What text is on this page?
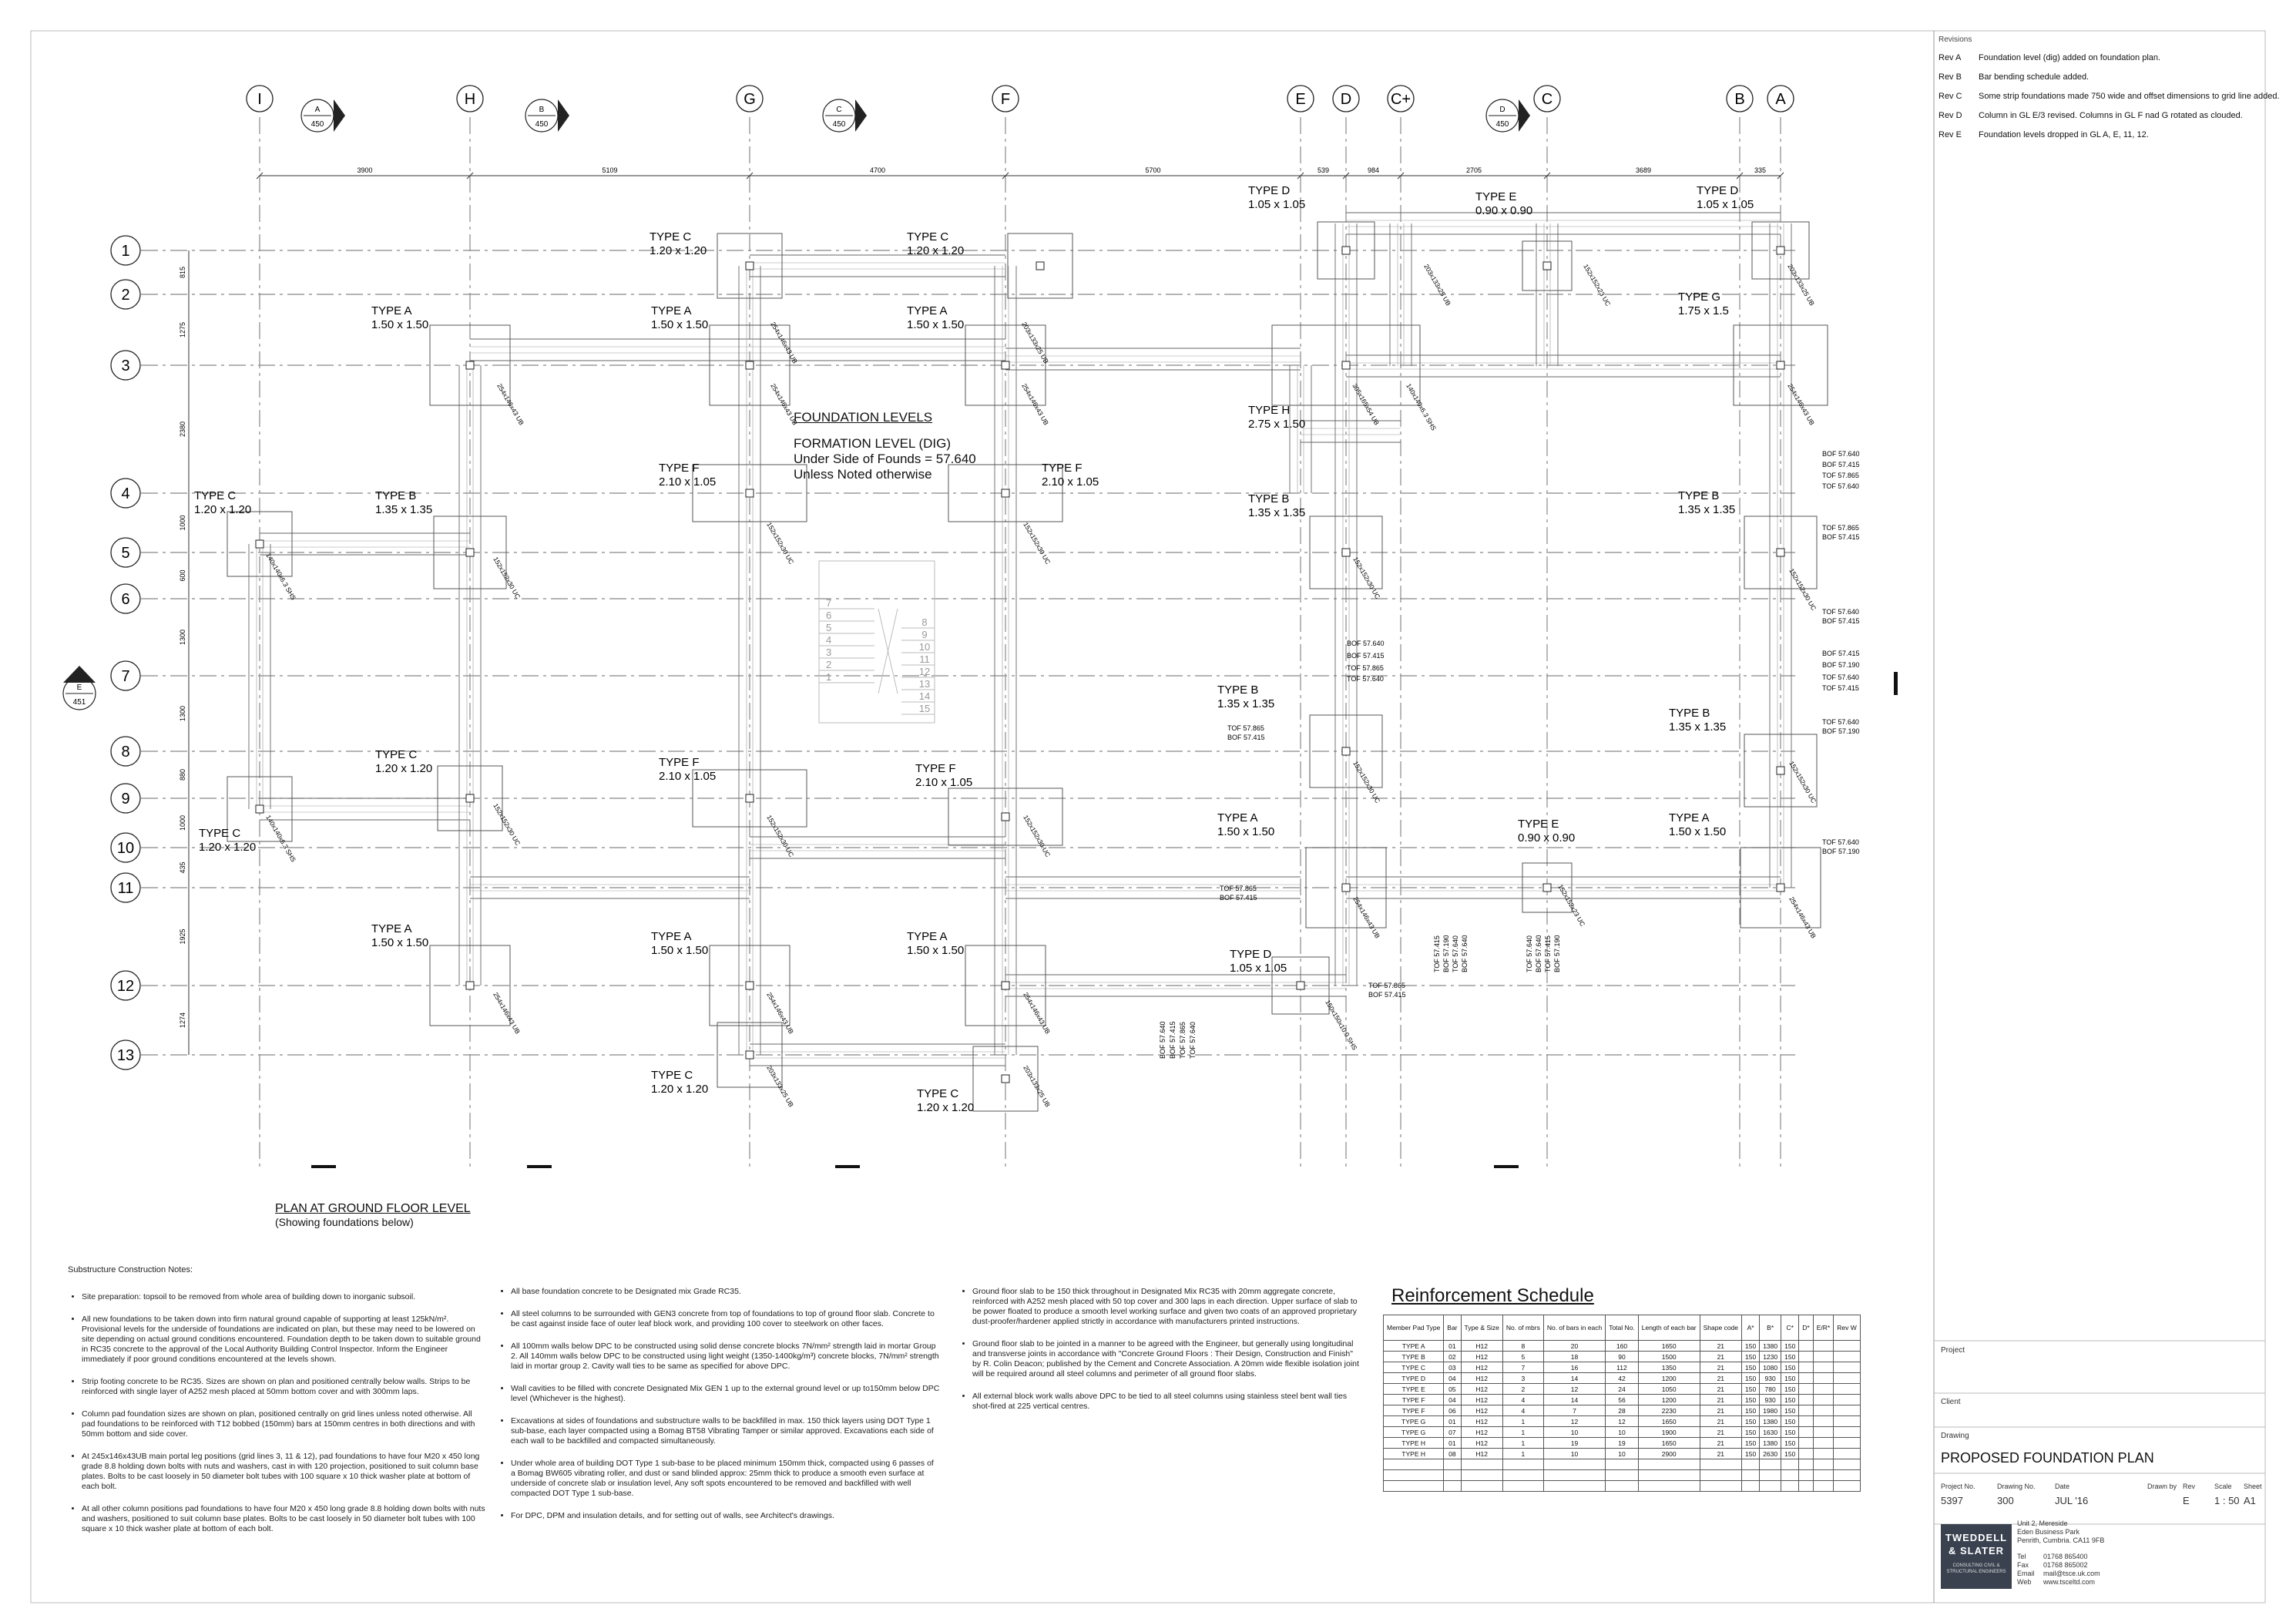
I	H	G	F	E D	C+	C	B A
1
2
3
4
5
6
7
8
9
10
11
12
13
3900	5109	4700	5700	539	984	2705	3689	335
815
1275
2380
1000
600
1300
1300
880
1000
435
1925
1274
A
450
B
450
C
450
D
450
E
451
7
6
5
4
3
2
1
8
9
10
11
12
13
14
15
TYPE C
1.20 x 1.20
TYPE C
1.20 x 1.20
TYPE A
1.50 x 1.50
TYPE A
1.50 x 1.50
TYPE A
1.50 x 1.50
TYPE D
1.05 x 1.05
TYPE E
0.90 x 0.90
TYPE D
1.05 x 1.05
TYPE G
1.75 x 1.5
TYPE H
2.75 x 1.50
TYPE F
2.10 x 1.05
TYPE F
2.10 x 1.05
TYPE C
1.20 x 1.20
TYPE B
1.35 x 1.35
TYPE B
1.35 x 1.35
TYPE B
1.35 x 1.35
TYPE B
1.35 x 1.35
TYPE B
1.35 x 1.35
TYPE C
1.20 x 1.20	TYPE F
2.10 x 1.05
TYPE F
2.10 x 1.05
TYPE C
1.20 x 1.20
TYPE A
1.50 x 1.50
TYPE E
0.90 x 0.90
TYPE A
1.50 x 1.50
TYPE A
1.50 x 1.50	TYPE A
1.50 x 1.50
TYPE A
1.50 x 1.50	TYPE D
1.05 x 1.05
TYPE C
1.20 x 1.20	TYPE C
1.20 x 1.20
254x146x43 UB	203x133x25 UB
254x146x43 UB	254x146x43 UB	254x146x43 UB	305x165x54 UB	140x140x6.3 SHS
203x133x25 UB
254x146x43 UB
152x152x30 UC	152x152x30 UC
152x152x30 UC	152x152x30 UC	152x152x30 UC
152x152x30 UC	152x152x30 UC
140x140x6.3 SHS
140x140x6.3 SHS	152x152x30 UC	152x152x30 UC	152x152x30 UC
254x146x43 UB	152x152x23 UC	254x146x43 UB
254x146x43 UB	254x146x43 UB	254x146x43 UB	150x150x10.0 SHS
203x133x25 UB	203x133x25 UB
203x133x25 UB	152x152x23 UC
BOF 57.640
BOF 57.415
TOF 57.865
TOF 57.640
TOF 57.865
BOF 57.415
TOF 57.640
BOF 57.415
BOF 57.415
BOF 57.190
TOF 57.640
TOF 57.415
TOF 57.640
BOF 57.190
TOF 57.640
BOF 57.190
BOF 57.640
BOF 57.415
TOF 57.865
TOF 57.640
TOF 57.865
BOF 57.415
TOF 57.865
BOF 57.415
TOF 57.865
BOF 57.415
BOF 57.640 BOF 57.415 TOF 57.865 TOF 57.640
TOF 57.415 BOF 57.190 TOF 57.640 BOF 57.640	TOF 57.640 BOF 57.640 TOF 57.415 BOF 57.190
FOUNDATION LEVELS
FORMATION LEVEL (DIG)
Under Side of Founds = 57.640
Unless Noted otherwise
PLAN AT GROUND FLOOR LEVEL
(Showing foundations below)
Substructure Construction Notes:
• Site preparation: topsoil to be removed from whole area of building down to inorganic subsoil.
• All new foundations to be taken down into firm natural ground capable of supporting at least 125kN/m². Provisional levels for the underside of foundations are indicated on plan, but these may need to be lowered on site depending on actual ground conditions encountered. Foundation depth to be taken down to suitable ground in RC35 concrete to the approval of the Local Authority Building Control Inspector. Inform the Engineer immediately if poor ground conditions encountered at the levels shown.
• Strip footing concrete to be RC35. Sizes are shown on plan and positioned centrally below walls. Strips to be reinforced with single layer of A252 mesh placed at 50mm bottom cover and with 300mm laps.
• Column pad foundation sizes are shown on plan, positioned centrally on grid lines unless noted otherwise. All pad foundations to be reinforced with T12 bobbed (150mm) bars at 150mm centres in both directions and with 50mm bottom and side cover.
• At 245x146x43UB main portal leg positions (grid lines 3, 11 & 12), pad foundations to have four M20 x 450 long grade 8.8 holding down bolts with nuts and washers, cast in with 120 projection, positioned to suit column base plates. Bolts to be cast loosely in 50 diameter bolt tubes with 100 square x 10 thick washer plate at bottom of each bolt.
• At all other column positions pad foundations to have four M20 x 450 long grade 8.8 holding down bolts with nuts and washers, positioned to suit column base plates. Bolts to be cast loosely in 50 diameter bolt tubes with 100 square x 10 thick washer plate at bottom of each bolt.
• All base foundation concrete to be Designated mix Grade RC35.
• All steel columns to be surrounded with GEN3 concrete from top of foundations to top of ground floor slab. Concrete to be cast against inside face of outer leaf block work, and providing 100 cover to steelwork on other faces.
• All 100mm walls below DPC to be constructed using solid dense concrete blocks 7N/mm² strength laid in mortar Group 2. All 140mm walls below DPC to be constructed using light weight (1350-1400kg/m³) concrete blocks, 7N/mm² strength laid in mortar group 2. Cavity wall ties to be same as specified for above DPC.
• Wall cavities to be filled with concrete Designated Mix GEN 1 up to the external ground level or up to150mm below DPC level (Whichever is the highest).
• Excavations at sides of foundations and substructure walls to be backfilled in max. 150 thick layers using DOT Type 1 sub-base, each layer compacted using a Bomag BT58 Vibrating Tamper or similar approved. Excavations each side of each wall to be backfilled and compacted simultaneously.
• Under whole area of building DOT Type 1 sub-base to be placed minimum 150mm thick, compacted using 6 passes of a Bomag BW605 vibrating roller, and dust or sand blinded approx: 25mm thick to produce a smooth even surface at underside of concrete slab or insulation level, Any soft spots encountered to be removed and backfilled with well compacted DOT Type 1 sub-base.
• For DPC, DPM and insulation details, and for setting out of walls, see Architect's drawings.
• Ground floor slab to be 150 thick throughout in Designated Mix RC35 with 20mm aggregate concrete, reinforced with A252 mesh placed with 50 top cover and 300 laps in each direction. Upper surface of slab to be power floated to produce a smooth level working surface and given two coats of an approved proprietary dust-proofer/hardener applied strictly in accordance with manufacturers printed instructions.
• Ground floor slab to be jointed in a manner to be agreed with the Engineer, but generally using longitudinal and transverse joints in accordance with "Concrete Ground Floors : Their Design, Construction and Finish" by R. Colin Deacon; published by the Cement and Concrete Association. A 20mm wide flexible isolation joint will be required around all steel columns and perimeter of all ground floor slabs.
• All external block work walls above DPC to be tied to all steel columns using stainless steel bent wall ties shot-fired at 225 vertical centres.
Reinforcement Schedule
Member Pad Type	Bar	Type & Size	No. of mbrs	No. of bars in each	Total No.	Length of each bar	Shape code	A*	B*	C*	D*	E/R*	Rev W
TYPE A	01	H12	8	20	160	1650	21	150	1380	150			
TYPE B	02	H12	5	18	90	1500	21	150	1230	150			
TYPE C	03	H12	7	16	112	1350	21	150	1080	150			
TYPE D	04	H12	3	14	42	1200	21	150	930	150			
TYPE E	05	H12	2	12	24	1050	21	150	780	150			
TYPE F	04	H12	4	14	56	1200	21	150	930	150			
TYPE F	06	H12	4	7	28	2230	21	150	1980	150			
TYPE G	01	H12	1	12	12	1650	21	150	1380	150			
TYPE G	07	H12	1	10	10	1900	21	150	1630	150			
TYPE H	01	H12	1	19	19	1650	21	150	1380	150			
TYPE H	08	H12	1	10	10	2900	21	150	2630	150			

Revisions
Rev A	Foundation level (dig) added on foundation plan.
Rev B	Bar bending schedule added.
Rev C	Some strip foundations made 750 wide and offset dimensions to grid line added.
Rev D	Column in GL E/3 revised. Columns in GL F nad G rotated as clouded.
Rev E	Foundation levels dropped in GL A, E, 11, 12.
Project
Client
Drawing
PROPOSED FOUNDATION PLAN
Project No.
5397
Drawing No.
300
Date
JUL '16
Drawn by Rev
E
Scale
1 : 50
Sheet
A1
TWEDDELL
& SLATER
CONSULTING CIVIL & STRUCTURAL ENGINEERS
Unit 2, Mereside
Eden Business Park
Penrith, Cumbria. CA11 9FB
Tel 01768 865400
Fax 01768 865002
Email mail@tsce.uk.com
Web www.tsceltd.com
